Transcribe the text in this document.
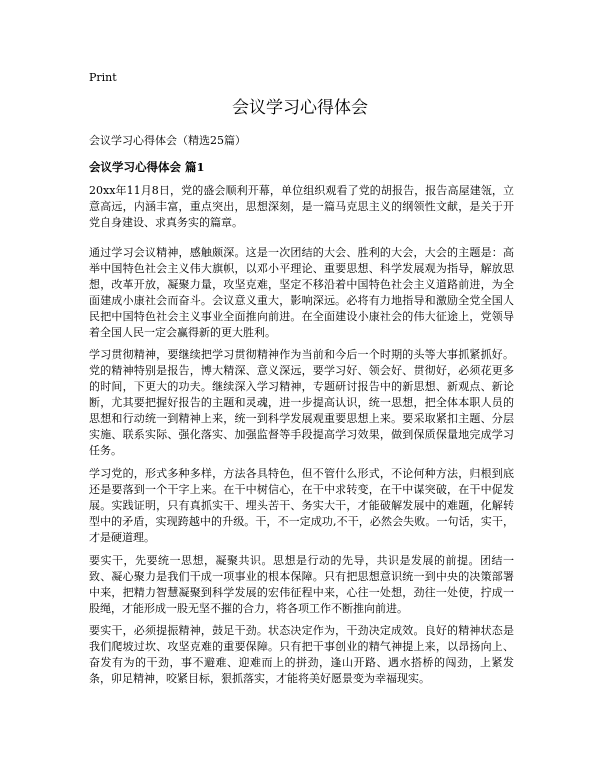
Print
会议学习心得体会
会议学习心得体会（精选25篇）
会议学习心得体会 篇1

20xx年11月8日，党的盛会顺利开幕，单位组织观看了党的胡报告，报告高屋建瓴，立意高远，内涵丰富，重点突出，思想深刻，是一篇马克思主义的纲领性文献，是关于开党自身建设、求真务实的篇章。

通过学习会议精神，感触颇深。这是一次团结的大会、胜利的大会，大会的主题是：高举中国特色社会主义伟大旗帜，以邓小平理论、重要思想、科学发展观为指导，解放思想，改革开放，凝聚力量，攻坚克难，坚定不移沿着中国特色社会主义道路前进，为全面建成小康社会而奋斗。会议意义重大，影响深远。必将有力地指导和激励全党全国人民把中国特色社会主义事业全面推向前进。在全面建设小康社会的伟大征途上，党领导着全国人民一定会赢得新的更大胜利。

学习贯彻精神，要继续把学习贯彻精神作为当前和今后一个时期的头等大事抓紧抓好。党的精神特别是报告，博大精深、意义深远，要学习好、领会好、贯彻好，必须花更多的时间，下更大的功夫。继续深入学习精神，专题研讨报告中的新思想、新观点、新论断，尤其要把握好报告的主题和灵魂，进一步提高认识，统一思想，把全体本职人员的思想和行动统一到精神上来，统一到科学发展观重要思想上来。要采取紧扣主题、分层实施、联系实际、强化落实、加强监督等手段提高学习效果，做到保质保量地完成学习任务。

学习党的，形式多种多样，方法各具特色，但不管什么形式，不论何种方法，归根到底还是要落到一个干字上来。在干中树信心，在干中求转变，在干中谋突破，在干中促发展。实践证明，只有真抓实干、埋头苦干、务实大干，才能破解发展中的难题，化解转型中的矛盾，实现跨越中的升级。干，不一定成功,不干，必然会失败。一句话，实干，才是硬道理。

要实干，先要统一思想，凝聚共识。思想是行动的先导，共识是发展的前提。团结一致、凝心聚力是我们干成一项事业的根本保障。只有把思想意识统一到中央的决策部署中来，把精力智慧凝聚到科学发展的宏伟征程中来，心往一处想，劲往一处使，拧成一股绳，才能形成一股无坚不摧的合力，将各项工作不断推向前进。

要实干，必须提振精神，鼓足干劲。状态决定作为，干劲决定成效。良好的精神状态是我们爬坡过坎、攻坚克难的重要保障。只有把干事创业的精气神提上来，以昂扬向上、奋发有为的干劲，事不避难、迎难而上的拼劲，逢山开路、遇水搭桥的闯劲，上紧发条，卯足精神，咬紧目标，狠抓落实，才能将美好愿景变为幸福现实。
